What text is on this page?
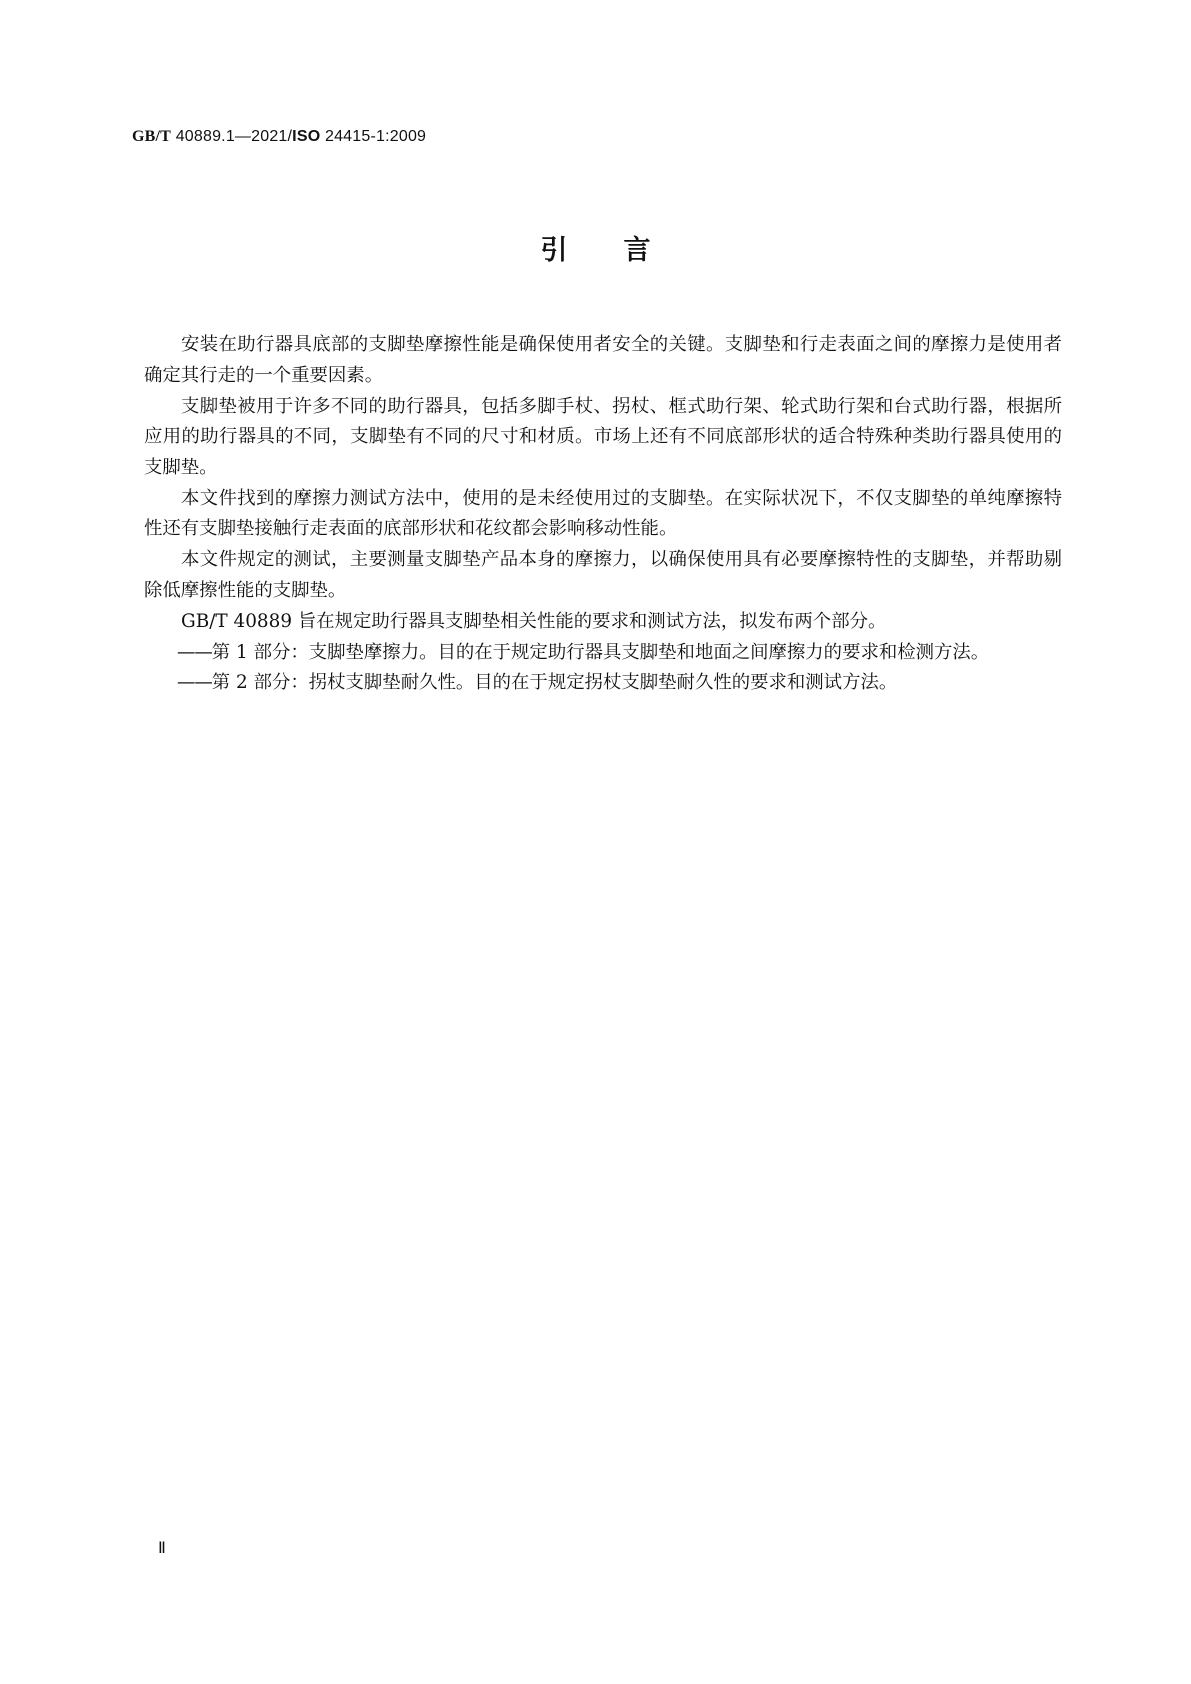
GB/T 40889.1—2021/ISO 24415-1:2009
引言

安装在助行器具底部的支脚垫摩擦性能是确保使用者安全的关键。支脚垫和行走表面之间的摩擦力是使用者确定其行走的一个重要因素。

支脚垫被用于许多不同的助行器具，包括多脚手杖、拐杖、框式助行架、轮式助行架和台式助行器，根据所应用的助行器具的不同，支脚垫有不同的尺寸和材质。市场上还有不同底部形状的适合特殊种类助行器具使用的支脚垫。

本文件找到的摩擦力测试方法中，使用的是未经使用过的支脚垫。在实际状况下，不仅支脚垫的单纯摩擦特性还有支脚垫接触行走表面的底部形状和花纹都会影响移动性能。

本文件规定的测试，主要测量支脚垫产品本身的摩擦力，以确保使用具有必要摩擦特性的支脚垫，并帮助剔除低摩擦性能的支脚垫。

GB/T 40889 旨在规定助行器具支脚垫相关性能的要求和测试方法，拟发布两个部分。

——第 1 部分：支脚垫摩擦力。目的在于规定助行器具支脚垫和地面之间摩擦力的要求和检测方法。
——第 2 部分：拐杖支脚垫耐久性。目的在于规定拐杖支脚垫耐久性的要求和测试方法。
Ⅱ
